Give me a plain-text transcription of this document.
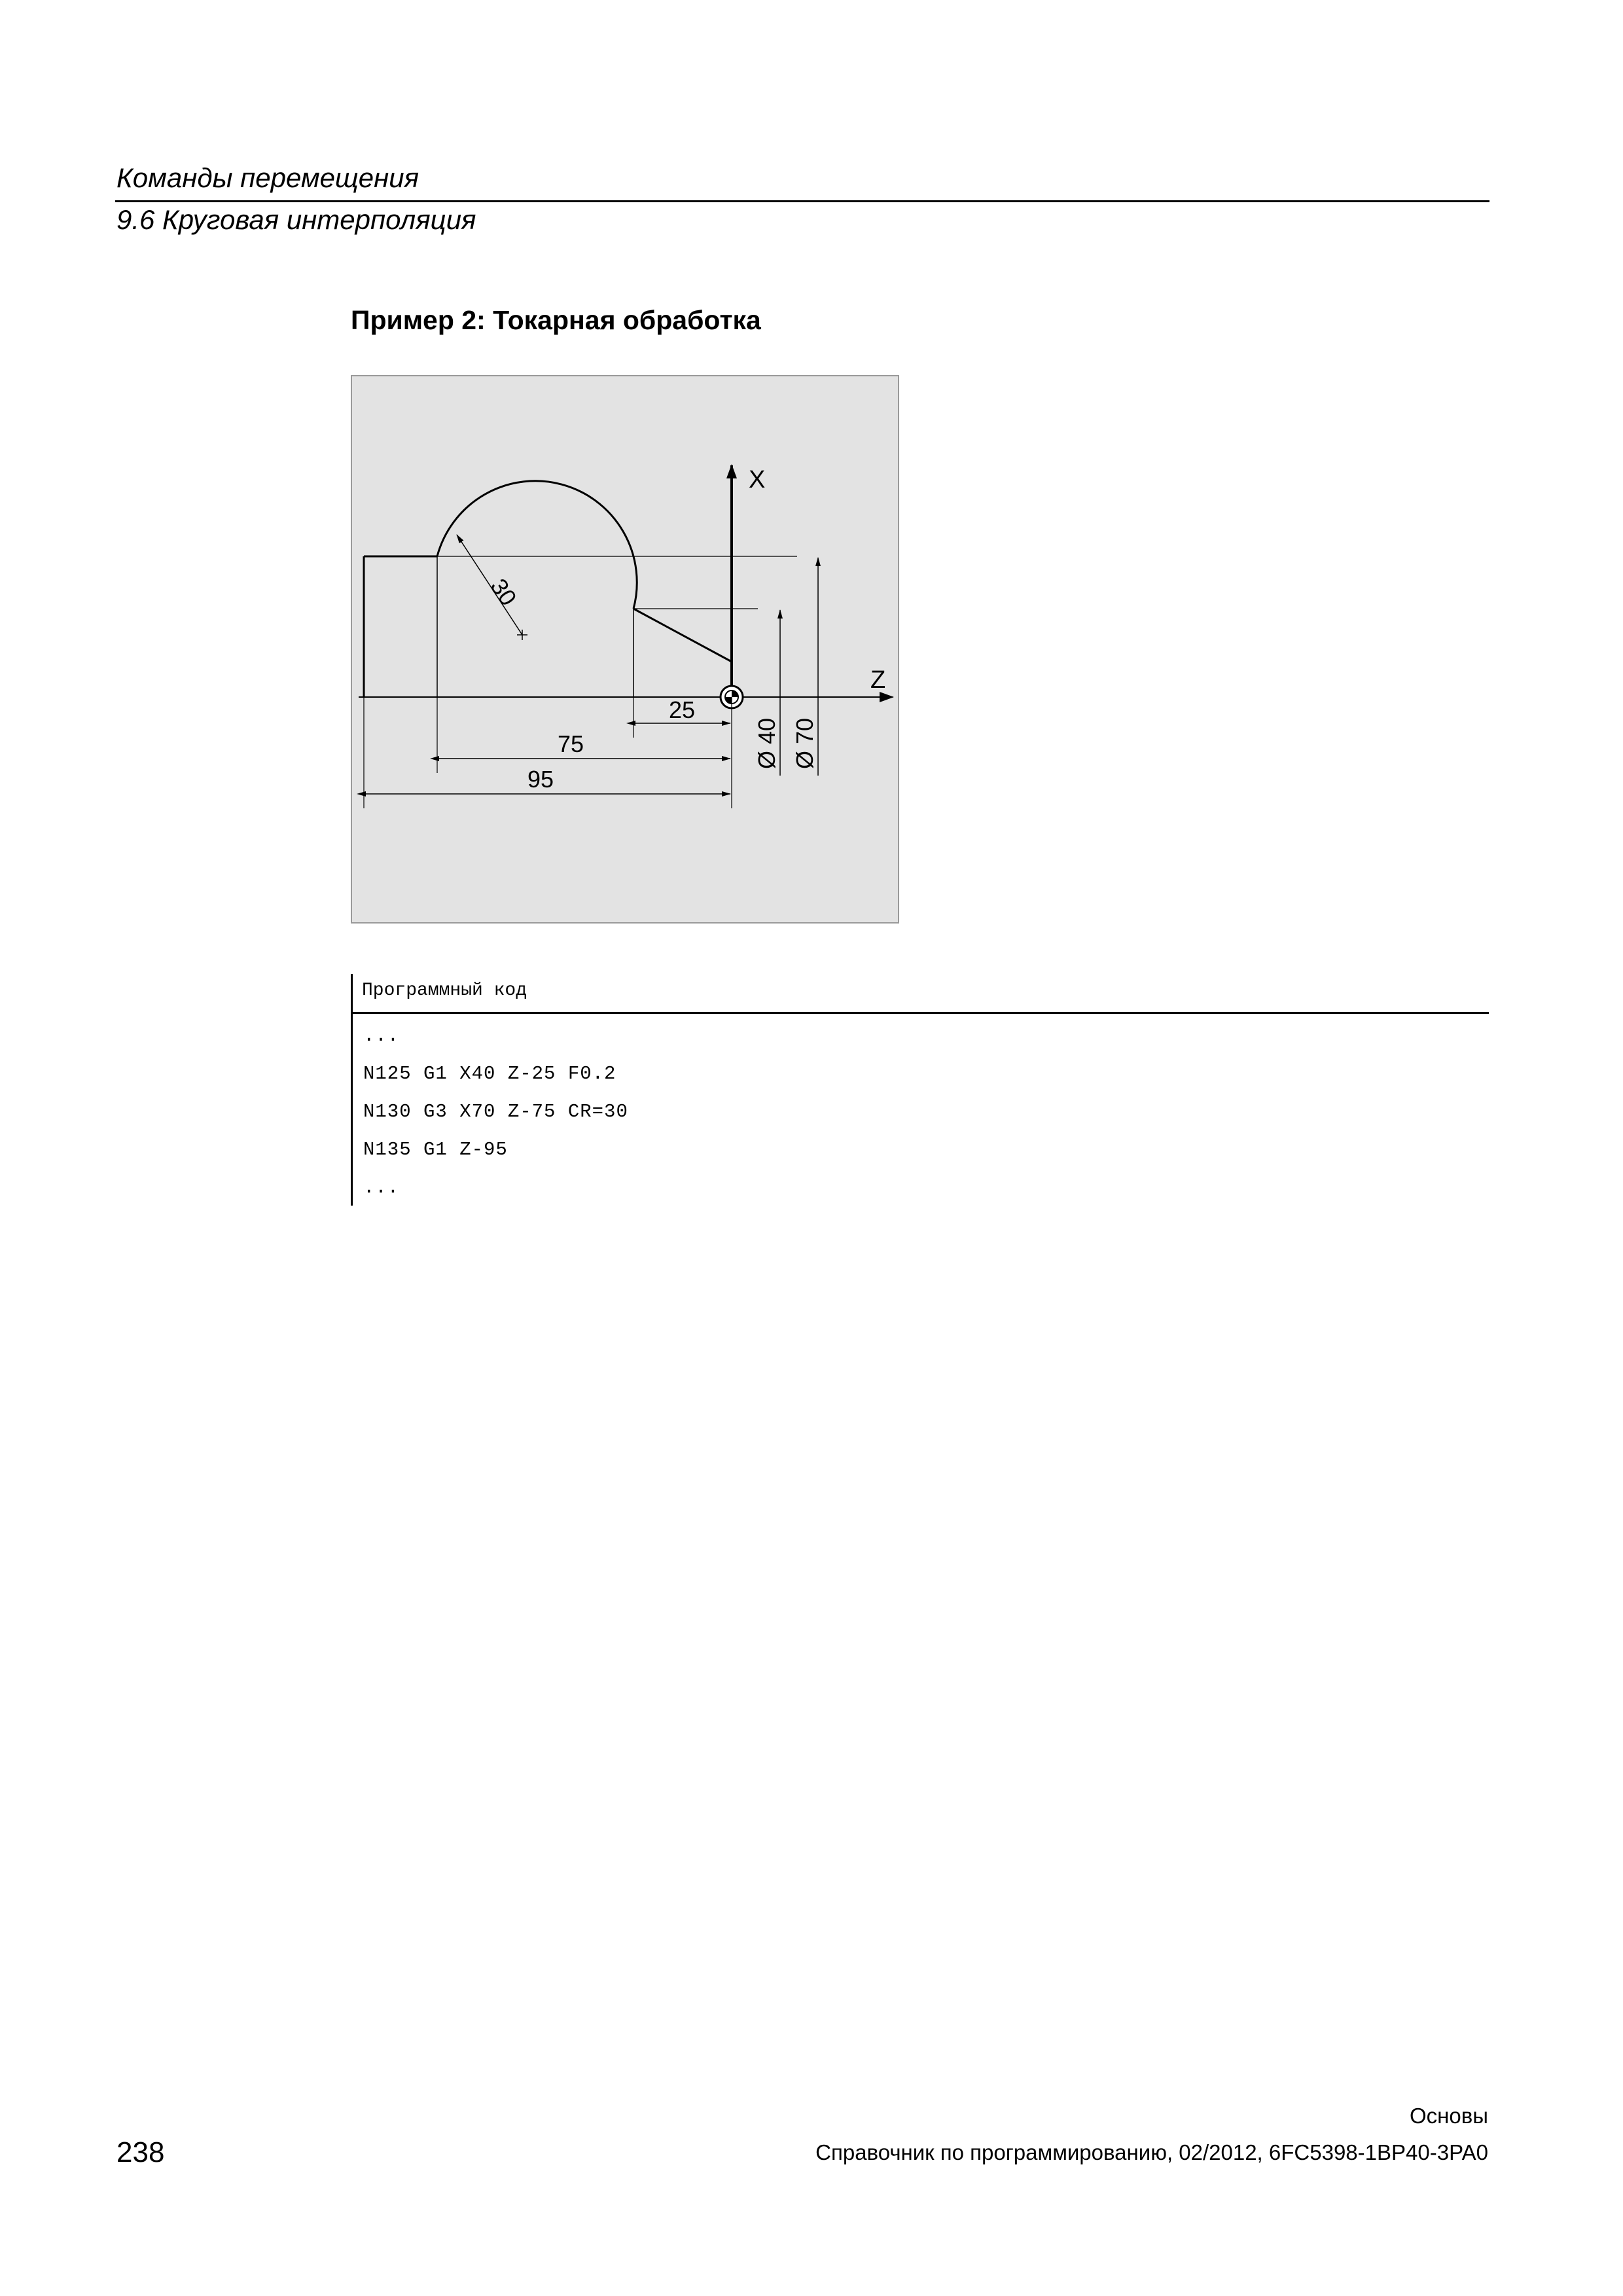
Команды перемещения
9.6 Круговая интерполяция
Пример 2: Токарная обработка
X
Z
30
Ø 40 Ø 70
25
75
95
Программный код
...
N125 G1 X40 Z-25 F0.2
N130 G3 X70 Z-75 CR=30
N135 G1 Z-95
...
238
Основы
Справочник по программированию, 02/2012, 6FC5398-1BP40-3PA0
